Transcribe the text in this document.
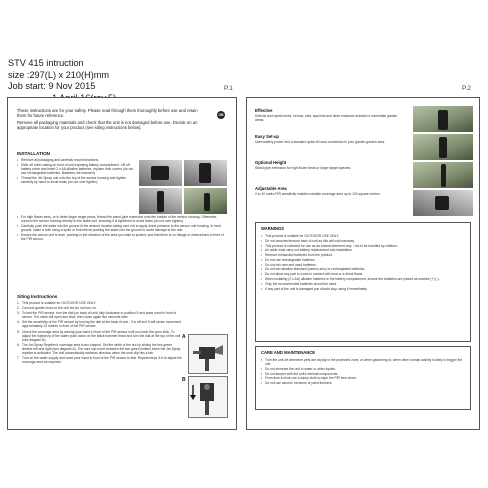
STV 415 intruction
size :297(L) x 210(H)mm
Job start: 9 Nov 2015	P.1	P.2

These instructions are for your safety. Please read through them thoroughly before use and retain them for future reference.

Remove all packaging materials and check that the unit is not damaged before use. Decide on an appropriate location for your product (see siting instructions below).

GB
INSTALLATION
• Remove all packaging and carefully read instructions.
• Slide off outer casing on front of unit exposing battery compartment. Lift off battery cover and insert 2 x AA alkaline batteries, replace both covers (do not use rechargeable batteries. Batteries not included).
• Thread the Jet-Spray unit onto the top of the sensor housing and tighten carefully by hand to avoid leaks (do not over tighten).
• For high flower beds, or to deter larger target pests, thread the stand-pipe extension onto the bottom of the sensor housing. Otherwise, connect the sensor housing directly to the stake unit, ensuring it is tightened to avoid leaks (do not over tighten).
• Carefully push the stake into the ground in the desired location taking care not to apply direct pressure to the sensor unit housing. In hard ground, make a hole using a spike or fork before pushing the stake into the ground to avoid damage to the unit.
• Ensure the sensor unit is level, pointing in the direction of the area you wish to protect, and that there is no foliage or obstructions in front of the PIR sensor.
Siting Instructions
1. This product is suitable for OUTDOOR USE ONLY.
2. Connect garden hose to the unit but do not turn on.
3. To test the PIR sensor, turn the dial (on back of unit) fully clockwise to position 9 and wave hand in front of sensor. The valve will open and click, then close again five seconds later.
4. Set the sensitivity of the PIR sensor by turning the dial at the back of unit - 0 is off and 9 will sense movement approximately 12 metres in front of the PIR sensor.
5. Check the coverage area by waving your hand in front of the PIR sensor until you hear the open click. To adjust the trajectory of the water push down on the black hammer head and turn the dial at the top of the unit (see diagram B).
6. The Jet-Spray Repeller's coverage area is arc-shaped. Set the width of the arc by sliding the two green limiters left and right (see diagram A). The sure clip move between the two green limiters when the Jet-Spray repeller is activated. The unit automatically switches direction when the sure clip hits a tab.
7. Turn on the water supply and wave your hand in front of the PIR sensor to test. Repeat steps 3-6 to adjust the coverage area as required.
A
B
Effective
Detects and repels foxes, herons, cats, squirrels and other nuisance animals in vulnerable garden areas.
Easy Set-up
Uses battery power and a standard quick-fit hose connection in your garden garden area.
Optional Height
Stand pipe extension for high flower beds or larger target species.
Adjustable Area
0 to 10 metre PIR sensitivity enables variable coverage area up to 100 square metres.
WARNINGS
• This product is suitable for OUTDOOR USE ONLY.
• Do not unscrew/remove back of unit as this will void warranty.
• This product is intended for use as an animal deterrent only - not to be handled by children.
• An adult must carry out battery replacement and installation.
• Remove exhausted batteries from the product.
• Do not use rechargeable batteries.
• Do not mix new and used batteries.
• Do not mix alkaline standard (carbon-zinc) or rechargeable batteries.
• Do not allow any part to come in contact with heat or a direct flame.
• When installing (2 x AA) alkaline batteries in the battery compartment, ensure the batteries are placed as marked (+) (-).
• Only the recommended batteries should be used.
• If any part of the unit is damaged you should stop using it immediately.
CARE AND MAINTENANCE
• Turn the unit off whenever pets are at play in the protected zone, or when gardening or, when other human activity is likely to trigger the unit.
• Do not immerse the unit in water or other liquids.
• Do not tamper with the unit's internal components.
• From time to time use a damp cloth to wipe the PIR lens clean.
• Do not use alcohol, benzene or paint thinners.
